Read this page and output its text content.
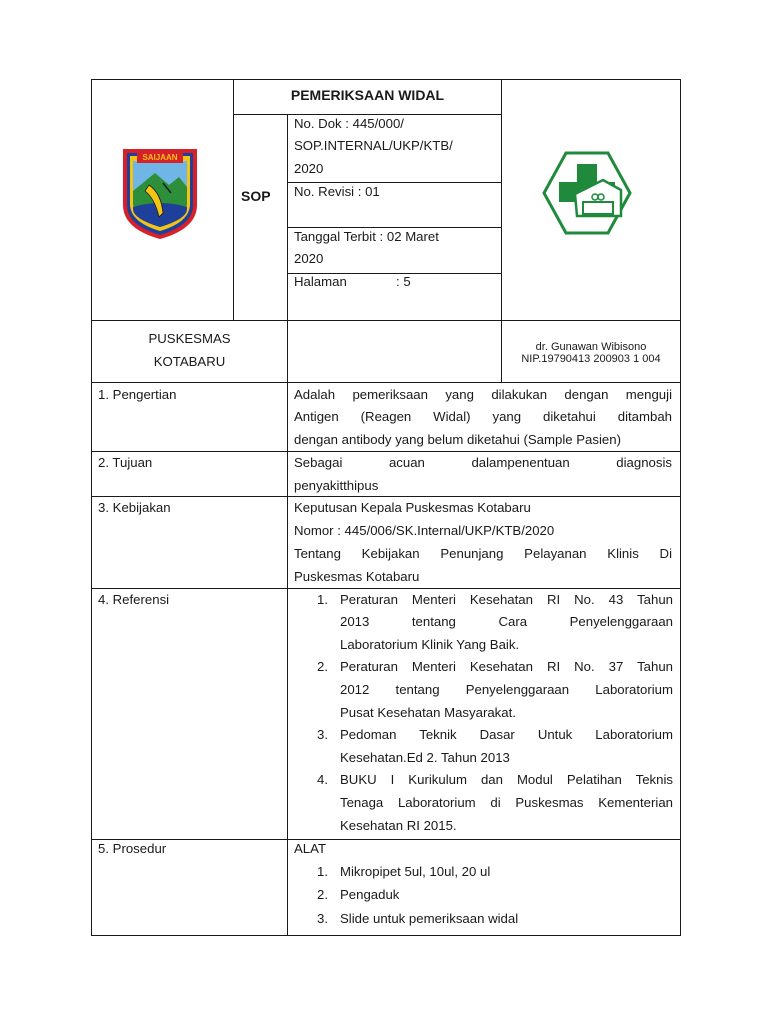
SAIJAAN
PEMERIKSAAN WIDAL
SOP
No. Dok : 445/000/
SOP.INTERNAL/UKP/KTB/
2020
No. Revisi : 01
Tanggal Terbit : 02 Maret
2020
Halaman	: 5
PUSKESMAS
KOTABARU
dr. Gunawan Wibisono
NIP.19790413 200903 1 004
1. Pengertian	Adalah pemeriksaan yang dilakukan dengan menguji
Antigen (Reagen Widal) yang diketahui ditambah
dengan antibody yang belum diketahui (Sample Pasien)
2. Tujuan	Sebagai acuan dalampenentuan diagnosis
penyakitthipus
3. Kebijakan	Keputusan Kepala Puskesmas Kotabaru
Nomor : 445/006/SK.Internal/UKP/KTB/2020
Tentang Kebijakan Penunjang Pelayanan Klinis Di
Puskesmas Kotabaru
4. Referensi	1. Peraturan Menteri Kesehatan RI No. 43 Tahun
2013 tentang Cara Penyelenggaraan
Laboratorium Klinik Yang Baik.
2. Peraturan Menteri Kesehatan RI No. 37 Tahun
2012 tentang Penyelenggaraan Laboratorium
Pusat Kesehatan Masyarakat.
3. Pedoman Teknik Dasar Untuk Laboratorium
Kesehatan.Ed 2. Tahun 2013
4. BUKU I Kurikulum dan Modul Pelatihan Teknis
Tenaga Laboratorium di Puskesmas Kementerian
Kesehatan RI 2015.
5. Prosedur	ALAT
1. Mikropipet 5ul, 10ul, 20 ul
2. Pengaduk
3. Slide untuk pemeriksaan widal
